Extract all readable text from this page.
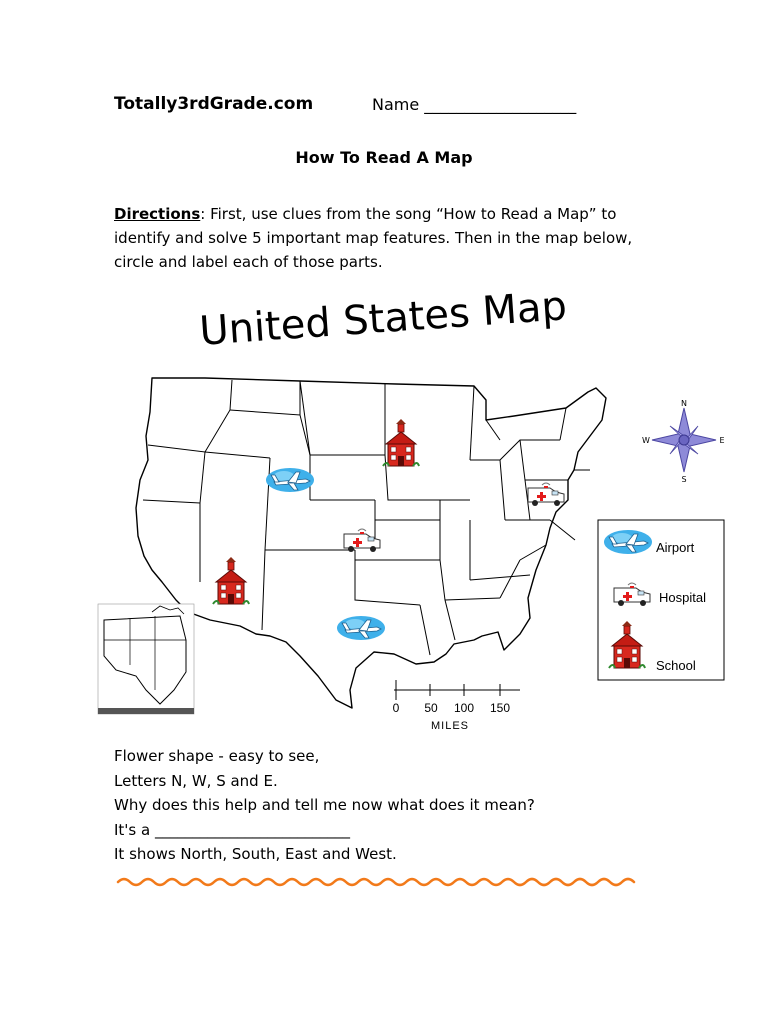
Totally3rdGrade.com	Name ___________________
How To Read A Map
Directions: First, use clues from the song “How to Read a Map” to identify and solve 5 important map features. Then in the map below, circle and label each of those parts.
United States Map
N
S
W	E
Airport
Hospital
School
0 50 100 150
MILES
Flower shape - easy to see,
Letters N, W, S and E.
Why does this help and tell me now what does it mean?
It's a __________________________
It shows North, South, East and West.
